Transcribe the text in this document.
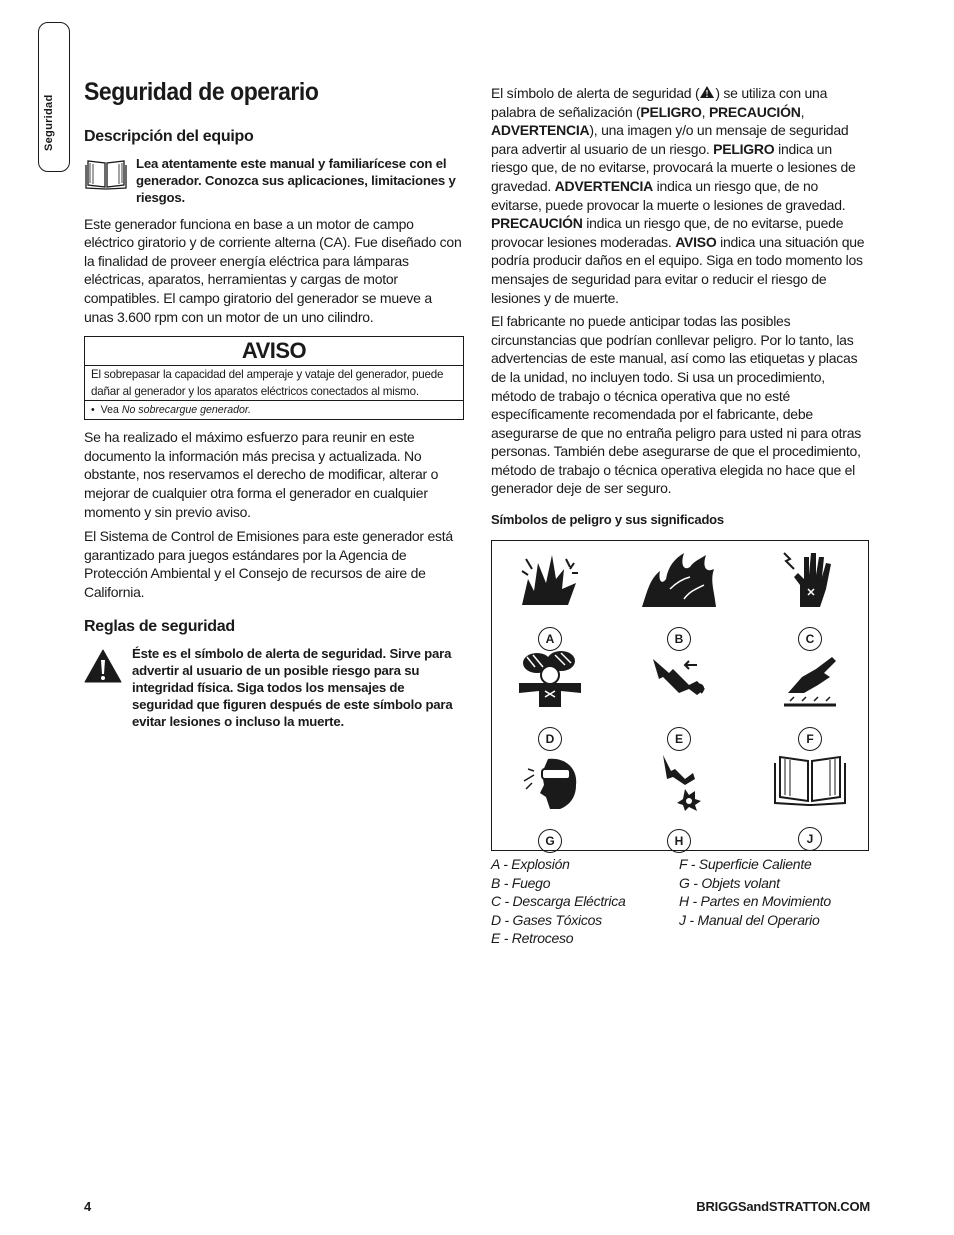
Seguridad
Seguridad de operario
Descripción del equipo
Lea atentamente este manual y familiarícese con el generador. Conozca sus aplicaciones, limitaciones y riesgos.

Este generador funciona en base a un motor de campo eléctrico giratorio y de corriente alterna (CA). Fue diseñado con la finalidad de proveer energía eléctrica para lámparas eléctricas, aparatos, herramientas y cargas de motor compatibles. El campo giratorio del generador se mueve a unas 3.600 rpm con un motor de un uno cilindro.

AVISO
El sobrepasar la capacidad del amperaje y vataje del generador, puede dañar al generador y los aparatos eléctricos conectados al mismo.
•  Vea No sobrecargue generador.

Se ha realizado el máximo esfuerzo para reunir en este documento la información más precisa y actualizada. No obstante, nos reservamos el derecho de modificar, alterar o mejorar de cualquier otra forma el generador en cualquier momento y sin previo aviso.

El Sistema de Control de Emisiones para este generador está garantizado para juegos estándares por la Agencia de Protección Ambiental y el Consejo de recursos de aire de California.

Reglas de seguridad
Éste es el símbolo de alerta de seguridad. Sirve para advertir al usuario de un posible riesgo para su integridad física. Siga todos los mensajes de seguridad que figuren después de este símbolo para evitar lesiones o incluso la muerte.

El símbolo de alerta de seguridad ( ) se utiliza con una palabra de señalización (PELIGRO, PRECAUCIÓN, ADVERTENCIA), una imagen y/o un mensaje de seguridad para advertir al usuario de un riesgo. PELIGRO indica un riesgo que, de no evitarse, provocará la muerte o lesiones de gravedad. ADVERTENCIA indica un riesgo que, de no evitarse, puede provocar la muerte o lesiones de gravedad. PRECAUCIÓN indica un riesgo que, de no evitarse, puede provocar lesiones moderadas. AVISO indica una situación que podría producir daños en el equipo. Siga en todo momento los mensajes de seguridad para evitar o reducir el riesgo de lesiones y de muerte.

El fabricante no puede anticipar todas las posibles circunstancias que podrían conllevar peligro. Por lo tanto, las advertencias de este manual, así como las etiquetas y placas de la unidad, no incluyen todo. Si usa un procedimiento, método de trabajo o técnica operativa que no esté específicamente recomendada por el fabricante, debe asegurarse de que no entraña peligro para usted ni para otras personas. También debe asegurarse de que el procedimiento, método de trabajo o técnica operativa elegida no hace que el generador deje de ser seguro.

Símbolos de peligro y sus significados
A	B	C
D	E	F
G	H	J
A - Explosión
B - Fuego
C - Descarga Eléctrica
D - Gases Tóxicos
E - Retroceso
F - Superficie Caliente
G - Objets volant
H - Partes en Movimiento
J - Manual del Operario
4	BRIGGSandSTRATTON.COM
